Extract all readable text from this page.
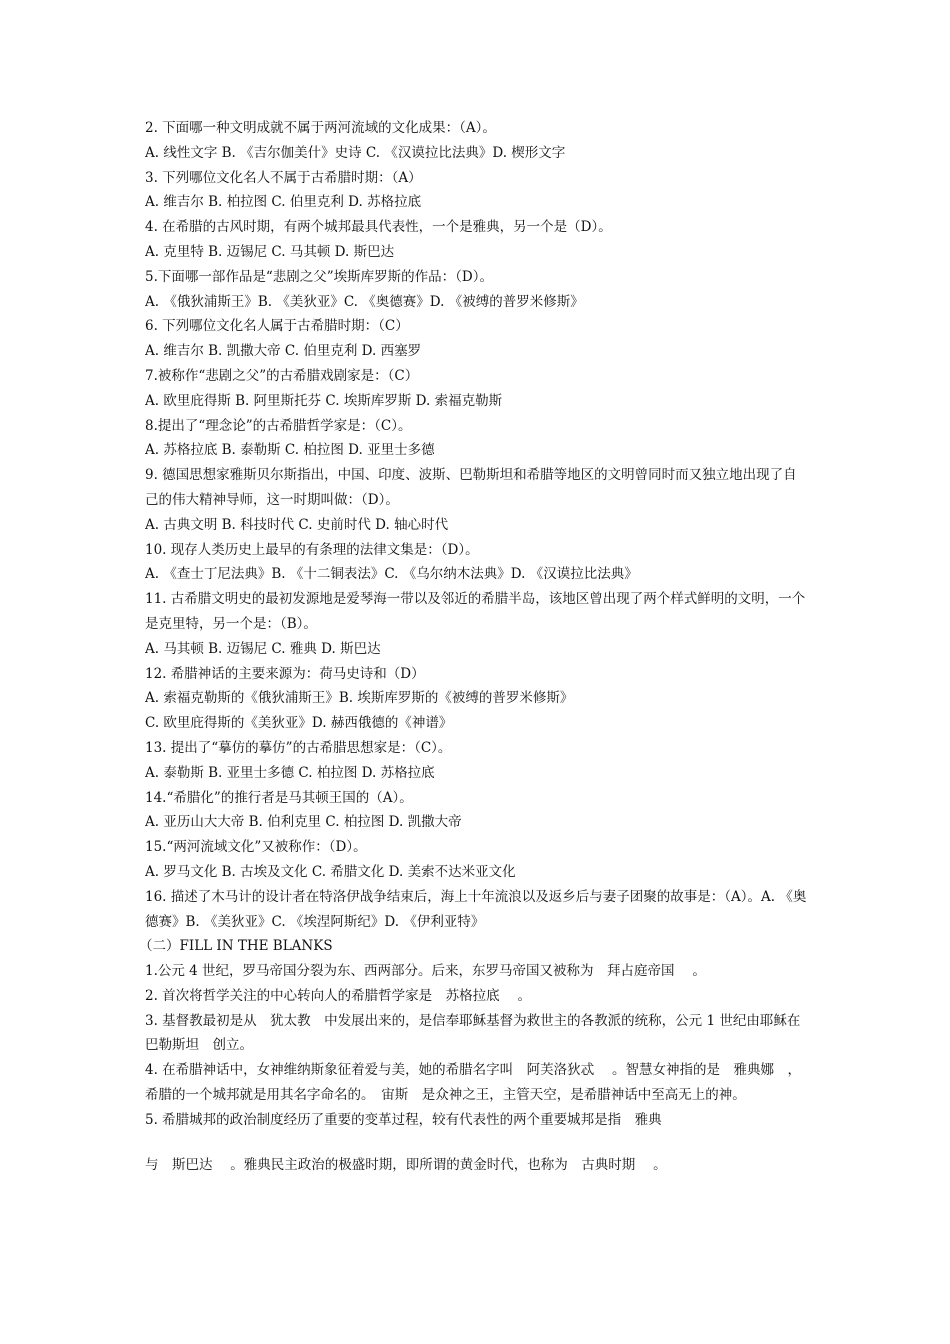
2. 下面哪一种文明成就不属于两河流域的文化成果：（A）。
A. 线性文字 B. 《吉尔伽美什》史诗 C. 《汉谟拉比法典》D. 楔形文字
3. 下列哪位文化名人不属于古希腊时期：（A）
A. 维吉尔 B. 柏拉图 C. 伯里克利 D. 苏格拉底
4. 在希腊的古风时期，有两个城邦最具代表性，一个是雅典，另一个是（D）。
A. 克里特 B. 迈锡尼 C. 马其顿 D. 斯巴达
5.下面哪一部作品是“悲剧之父”埃斯库罗斯的作品：（D）。
A. 《俄狄浦斯王》B. 《美狄亚》C. 《奥德赛》D. 《被缚的普罗米修斯》
6. 下列哪位文化名人属于古希腊时期：（C）
A. 维吉尔 B. 凯撒大帝 C. 伯里克利 D. 西塞罗
7.被称作“悲剧之父”的古希腊戏剧家是：（C）
A. 欧里庇得斯 B. 阿里斯托芬 C. 埃斯库罗斯 D. 索福克勒斯
8.提出了“理念论”的古希腊哲学家是：（C）。
A. 苏格拉底 B. 泰勒斯 C. 柏拉图 D. 亚里士多德
9. 德国思想家雅斯贝尔斯指出，中国、印度、波斯、巴勒斯坦和希腊等地区的文明曾同时而又独立地出现了自己的伟大精神导师，这一时期叫做：（D）。
A. 古典文明 B. 科技时代 C. 史前时代 D. 轴心时代
10. 现存人类历史上最早的有条理的法律文集是：（D）。
A. 《查士丁尼法典》B. 《十二铜表法》C. 《乌尔纳木法典》D. 《汉谟拉比法典》
11. 古希腊文明史的最初发源地是爱琴海一带以及邻近的希腊半岛，该地区曾出现了两个样式鲜明的文明，一个是克里特，另一个是：（B）。
A. 马其顿 B. 迈锡尼 C. 雅典 D. 斯巴达
12. 希腊神话的主要来源为：荷马史诗和（D）
A. 索福克勒斯的《俄狄浦斯王》B. 埃斯库罗斯的《被缚的普罗米修斯》
C. 欧里庇得斯的《美狄亚》D. 赫西俄德的《神谱》
13. 提出了“摹仿的摹仿”的古希腊思想家是：（C）。
A. 泰勒斯 B. 亚里士多德 C. 柏拉图 D. 苏格拉底
14.“希腊化”的推行者是马其顿王国的（A）。
A. 亚历山大大帝 B. 伯利克里 C. 柏拉图 D. 凯撒大帝
15.“两河流域文化”又被称作：（D）。
A. 罗马文化 B. 古埃及文化 C. 希腊文化 D. 美索不达米亚文化
16. 描述了木马计的设计者在特洛伊战争结束后，海上十年流浪以及返乡后与妻子团聚的故事是：（A）。A. 《奥德赛》B. 《美狄亚》C. 《埃涅阿斯纪》D. 《伊利亚特》
（二）FILL IN THE BLANKS
1.公元 4 世纪，罗马帝国分裂为东、西两部分。后来，东罗马帝国又被称为　拜占庭帝国　 。
2. 首次将哲学关注的中心转向人的希腊哲学家是　苏格拉底　 。
3. 基督教最初是从　犹太教　中发展出来的，是信奉耶稣基督为救世主的各教派的统称，公元 1 世纪由耶稣在　巴勒斯坦　创立。
4. 在希腊神话中，女神维纳斯象征着爱与美，她的希腊名字叫　阿芙洛狄忒　 。智慧女神指的是　雅典娜　，希腊的一个城邦就是用其名字命名的。　宙斯　是众神之王，主管天空，是希腊神话中至高无上的神。
5. 希腊城邦的政治制度经历了重要的变革过程，较有代表性的两个重要城邦是指　雅典
与　斯巴达　 。雅典民主政治的极盛时期，即所谓的黄金时代，也称为　古典时期　 。
